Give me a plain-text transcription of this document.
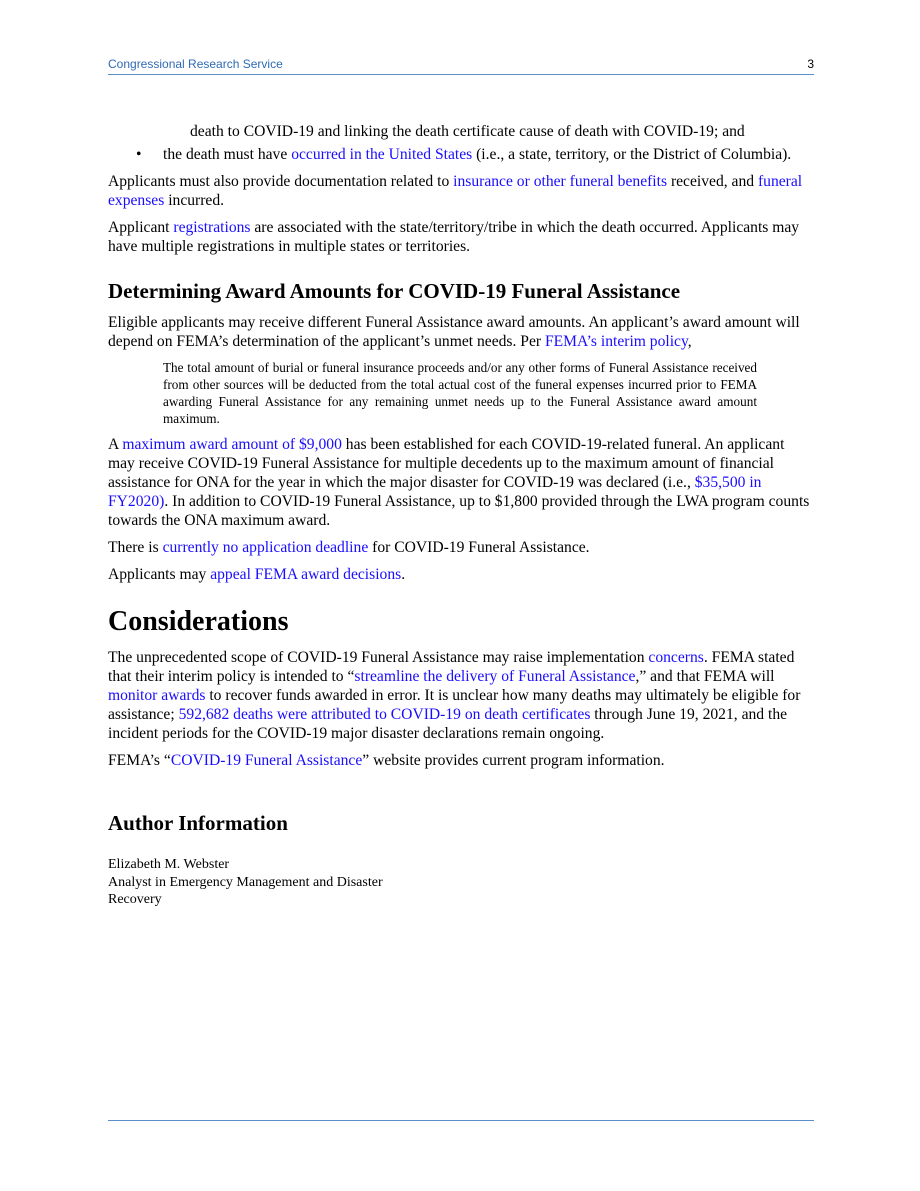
Congressional Research Service	3

death to COVID-19 and linking the death certificate cause of death with COVID-19; and

• the death must have occurred in the United States (i.e., a state, territory, or the District of Columbia).

Applicants must also provide documentation related to insurance or other funeral benefits received, and funeral expenses incurred.

Applicant registrations are associated with the state/territory/tribe in which the death occurred. Applicants may have multiple registrations in multiple states or territories.

Determining Award Amounts for COVID-19 Funeral Assistance

Eligible applicants may receive different Funeral Assistance award amounts. An applicant’s award amount will depend on FEMA’s determination of the applicant’s unmet needs. Per FEMA’s interim policy,

The total amount of burial or funeral insurance proceeds and/or any other forms of Funeral Assistance received from other sources will be deducted from the total actual cost of the funeral expenses incurred prior to FEMA awarding Funeral Assistance for any remaining unmet needs up to the Funeral Assistance award amount maximum.

A maximum award amount of $9,000 has been established for each COVID-19-related funeral. An applicant may receive COVID-19 Funeral Assistance for multiple decedents up to the maximum amount of financial assistance for ONA for the year in which the major disaster for COVID-19 was declared (i.e., $35,500 in FY2020). In addition to COVID-19 Funeral Assistance, up to $1,800 provided through the LWA program counts towards the ONA maximum award.

There is currently no application deadline for COVID-19 Funeral Assistance.

Applicants may appeal FEMA award decisions.

Considerations

The unprecedented scope of COVID-19 Funeral Assistance may raise implementation concerns. FEMA stated that their interim policy is intended to “streamline the delivery of Funeral Assistance,” and that FEMA will monitor awards to recover funds awarded in error. It is unclear how many deaths may ultimately be eligible for assistance; 592,682 deaths were attributed to COVID-19 on death certificates through June 19, 2021, and the incident periods for the COVID-19 major disaster declarations remain ongoing.

FEMA’s “COVID-19 Funeral Assistance” website provides current program information.

Author Information
Elizabeth M. Webster
Analyst in Emergency Management and Disaster
Recovery
